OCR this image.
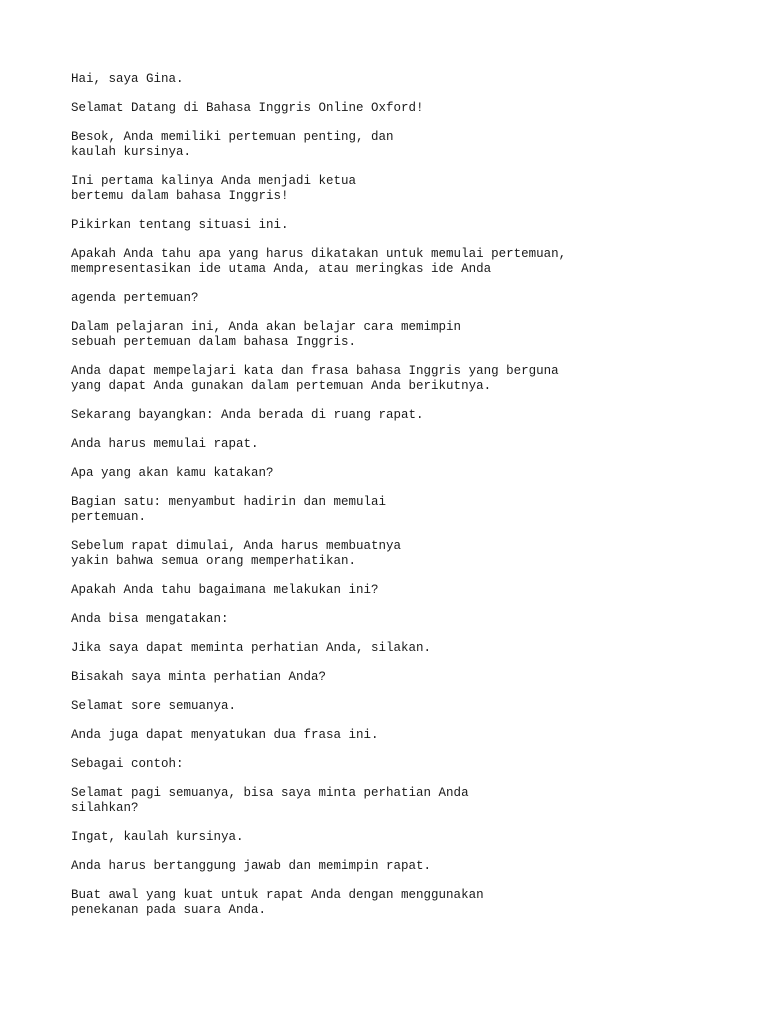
Hai, saya Gina.

Selamat Datang di Bahasa Inggris Online Oxford!

Besok, Anda memiliki pertemuan penting, dan
kaulah kursinya.

Ini pertama kalinya Anda menjadi ketua
bertemu dalam bahasa Inggris!

Pikirkan tentang situasi ini.

Apakah Anda tahu apa yang harus dikatakan untuk memulai pertemuan,
mempresentasikan ide utama Anda, atau meringkas ide Anda

agenda pertemuan?

Dalam pelajaran ini, Anda akan belajar cara memimpin
sebuah pertemuan dalam bahasa Inggris.

Anda dapat mempelajari kata dan frasa bahasa Inggris yang berguna
yang dapat Anda gunakan dalam pertemuan Anda berikutnya.

Sekarang bayangkan: Anda berada di ruang rapat.

Anda harus memulai rapat.

Apa yang akan kamu katakan?

Bagian satu: menyambut hadirin dan memulai
pertemuan.

Sebelum rapat dimulai, Anda harus membuatnya
yakin bahwa semua orang memperhatikan.

Apakah Anda tahu bagaimana melakukan ini?

Anda bisa mengatakan:

Jika saya dapat meminta perhatian Anda, silakan.

Bisakah saya minta perhatian Anda?

Selamat sore semuanya.

Anda juga dapat menyatukan dua frasa ini.

Sebagai contoh:

Selamat pagi semuanya, bisa saya minta perhatian Anda
silahkan?

Ingat, kaulah kursinya.

Anda harus bertanggung jawab dan memimpin rapat.

Buat awal yang kuat untuk rapat Anda dengan menggunakan
penekanan pada suara Anda.
